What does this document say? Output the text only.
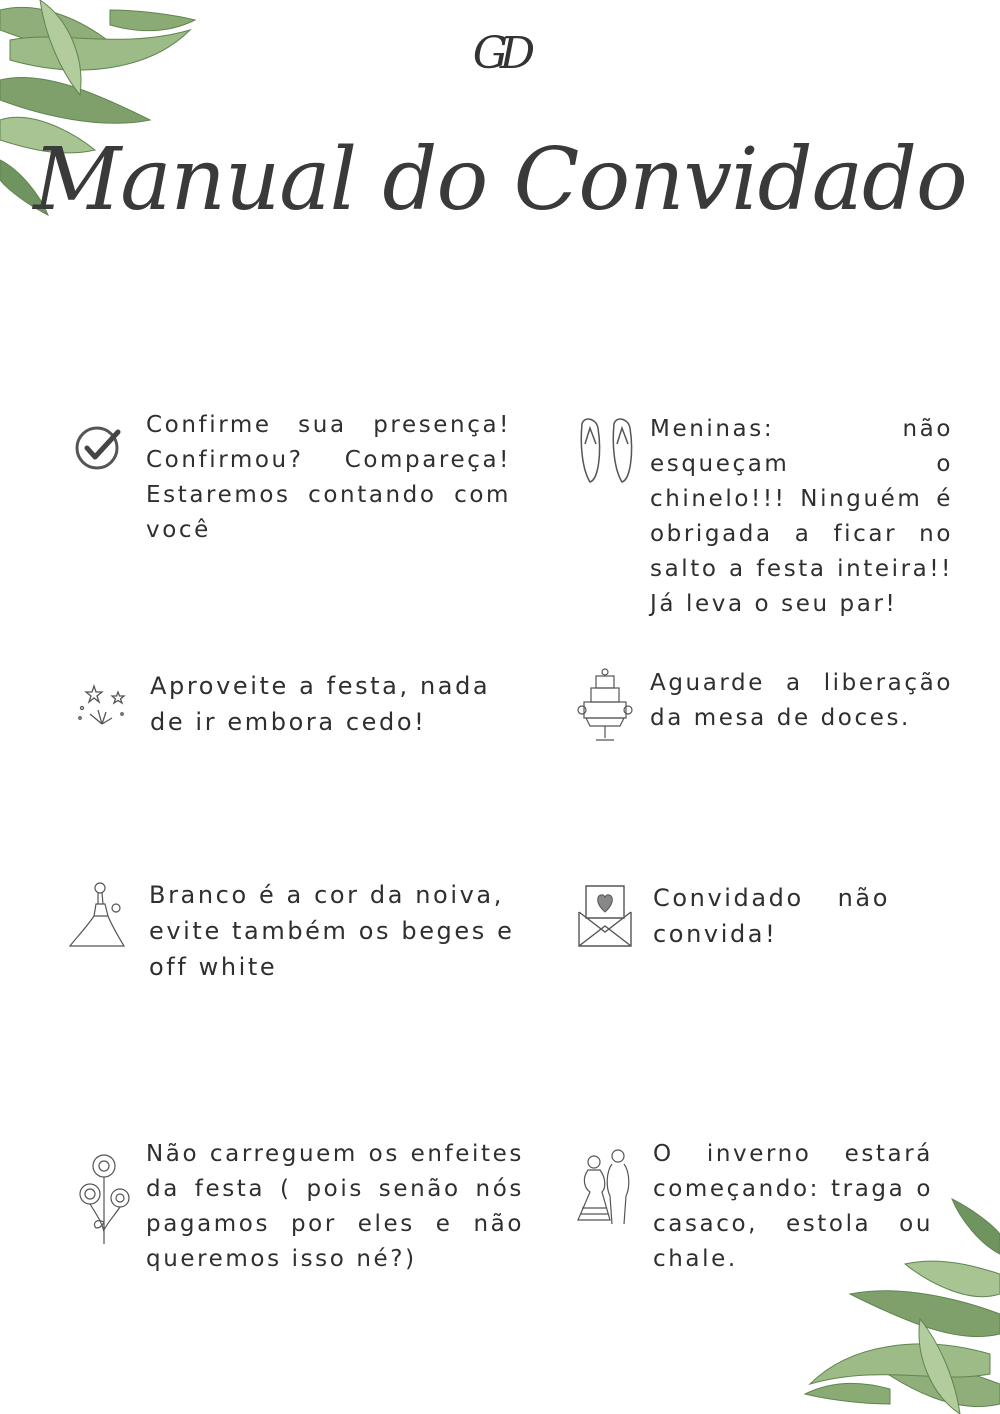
GD
Manual do Convidado
Confirme sua presença! Confirmou? Compareça! Estaremos contando com você
Meninas: não esqueçam o chinelo!!! Ninguém é obrigada a ficar no salto a festa inteira!! Já leva o seu par!
Aproveite a festa, nada de ir embora cedo!
Aguarde a liberação da mesa de doces.
Branco é a cor da noiva, evite também os beges e off white
Convidado não convida!
Não carreguem os enfeites da festa ( pois senão nós pagamos por eles e não queremos isso né?)
O inverno estará começando: traga o casaco, estola ou chale.
